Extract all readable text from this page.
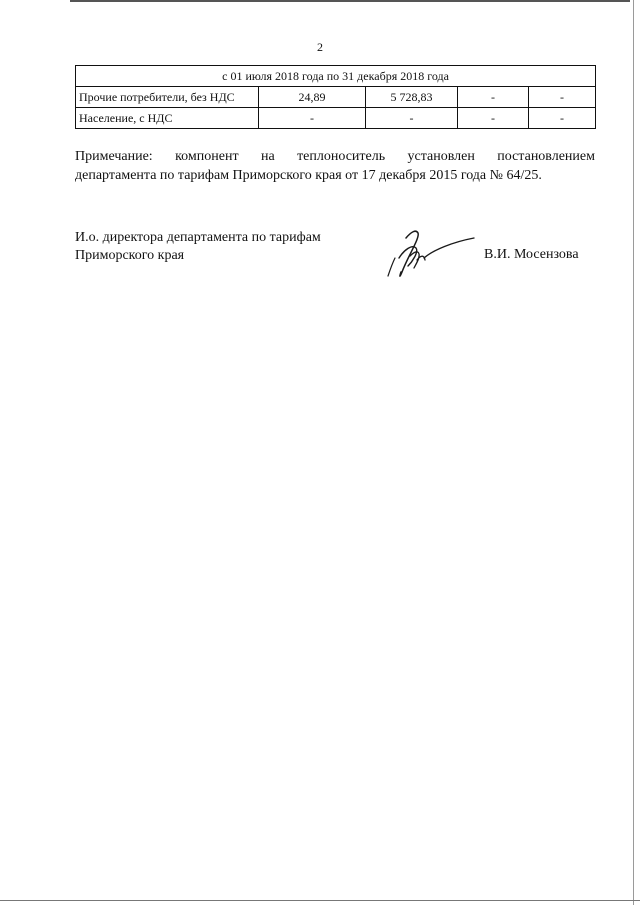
2
с 01 июля 2018 года по 31 декабря 2018 года				
Прочие потребители, без НДС	24,89	5 728,83	-	-
Население, с НДС	-	-	-	-
Примечание: компонент на теплоноситель установлен постановлением
департамента по тарифам Приморского края от 17 декабря 2015 года № 64/25.
И.о. директора департамента по тарифам
Приморского края	В.И. Мосензова
